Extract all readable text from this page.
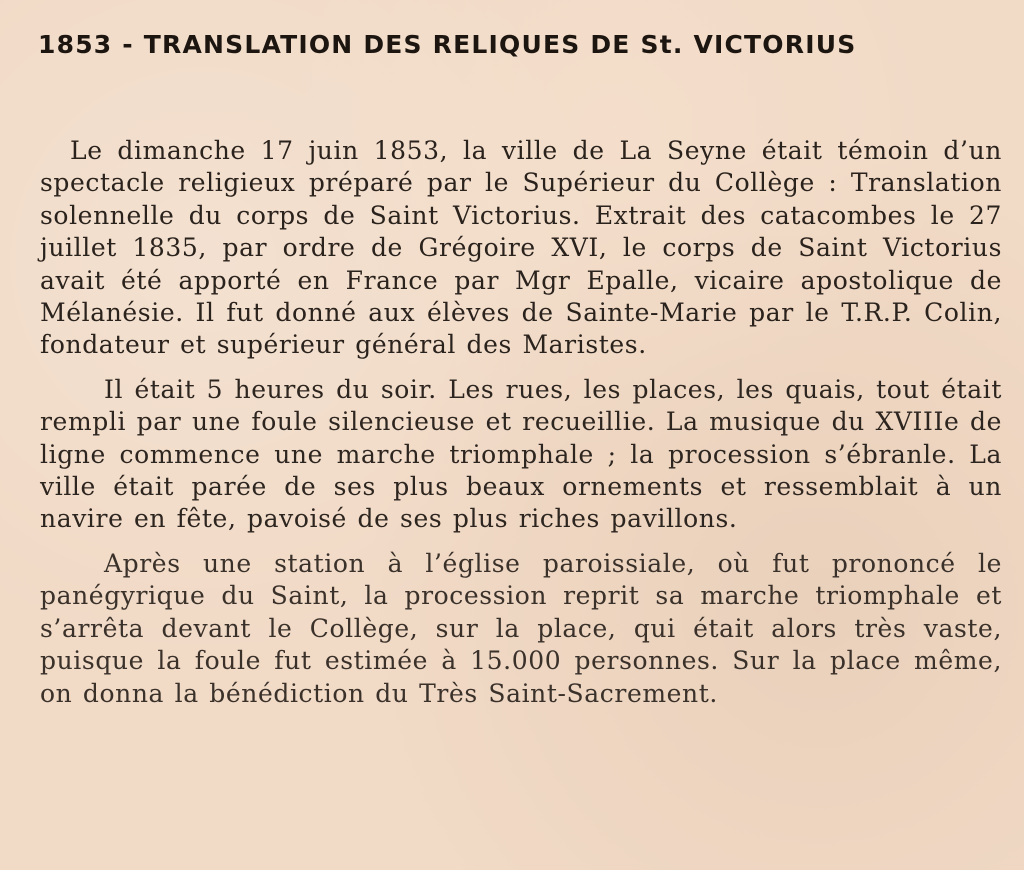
1853 - TRANSLATION DES RELIQUES DE St. VICTORIUS

Le dimanche 17 juin 1853, la ville de La Seyne était témoin d’un spectacle religieux préparé par le Supérieur du Collège : Translation solennelle du corps de Saint Victorius. Extrait des catacombes le 27 juillet 1835, par ordre de Grégoire XVI, le corps de Saint Victorius avait été apporté en France par Mgr Epalle, vicaire apostolique de Mélanésie. Il fut donné aux élèves de Sainte-Marie par le T.R.P. Colin, fondateur et supérieur général des Maristes.

Il était 5 heures du soir. Les rues, les places, les quais, tout était rempli par une foule silencieuse et recueillie. La musique du XVIIIe de ligne commence une marche triomphale ; la procession s’ébranle. La ville était parée de ses plus beaux ornements et ressemblait à un navire en fête, pavoisé de ses plus riches pavillons.

Après une station à l’église paroissiale, où fut prononcé le panégyrique du Saint, la procession reprit sa marche triomphale et s’arrêta devant le Collège, sur la place, qui était alors très vaste, puisque la foule fut estimée à 15.000 personnes. Sur la place même, on donna la bénédiction du Très Saint-Sacrement.
